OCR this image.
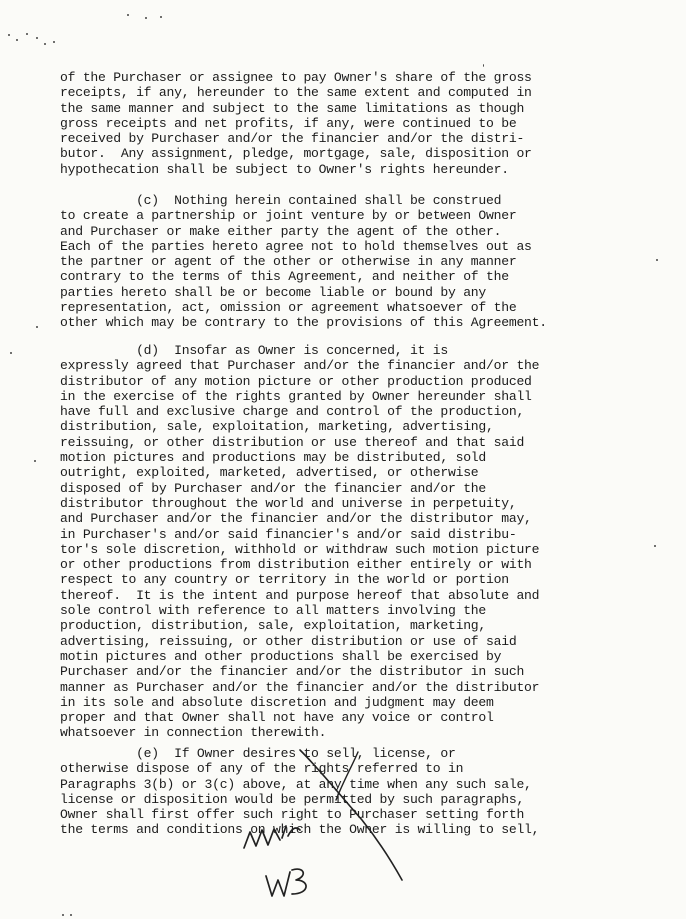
of the Purchaser or assignee to pay Owner's share of the gross
receipts, if any, hereunder to the same extent and computed in
the same manner and subject to the same limitations as though
gross receipts and net profits, if any, were continued to be
received by Purchaser and/or the financier and/or the distri-
butor.  Any assignment, pledge, mortgage, sale, disposition or
hypothecation shall be subject to Owner's rights hereunder.
(c)  Nothing herein contained shall be construed
to create a partnership or joint venture by or between Owner
and Purchaser or make either party the agent of the other.
Each of the parties hereto agree not to hold themselves out as
the partner or agent of the other or otherwise in any manner
contrary to the terms of this Agreement, and neither of the
parties hereto shall be or become liable or bound by any
representation, act, omission or agreement whatsoever of the
other which may be contrary to the provisions of this Agreement.
(d)  Insofar as Owner is concerned, it is
expressly agreed that Purchaser and/or the financier and/or the
distributor of any motion picture or other production produced
in the exercise of the rights granted by Owner hereunder shall
have full and exclusive charge and control of the production,
distribution, sale, exploitation, marketing, advertising,
reissuing, or other distribution or use thereof and that said
motion pictures and productions may be distributed, sold
outright, exploited, marketed, advertised, or otherwise
disposed of by Purchaser and/or the financier and/or the
distributor throughout the world and universe in perpetuity,
and Purchaser and/or the financier and/or the distributor may,
in Purchaser's and/or said financier's and/or said distribu-
tor's sole discretion, withhold or withdraw such motion picture
or other productions from distribution either entirely or with
respect to any country or territory in the world or portion
thereof.  It is the intent and purpose hereof that absolute and
sole control with reference to all matters involving the
production, distribution, sale, exploitation, marketing,
advertising, reissuing, or other distribution or use of said
motin pictures and other productions shall be exercised by
Purchaser and/or the financier and/or the distributor in such
manner as Purchaser and/or the financier and/or the distributor
in its sole and absolute discretion and judgment may deem
proper and that Owner shall not have any voice or control
whatsoever in connection therewith.
(e)  If Owner desires to sell, license, or
otherwise dispose of any of the rights referred to in
Paragraphs 3(b) or 3(c) above, at any time when any such sale,
license or disposition would be permitted by such paragraphs,
Owner shall first offer such right to Purchaser setting forth
the terms and conditions on which the Owner is willing to sell,
